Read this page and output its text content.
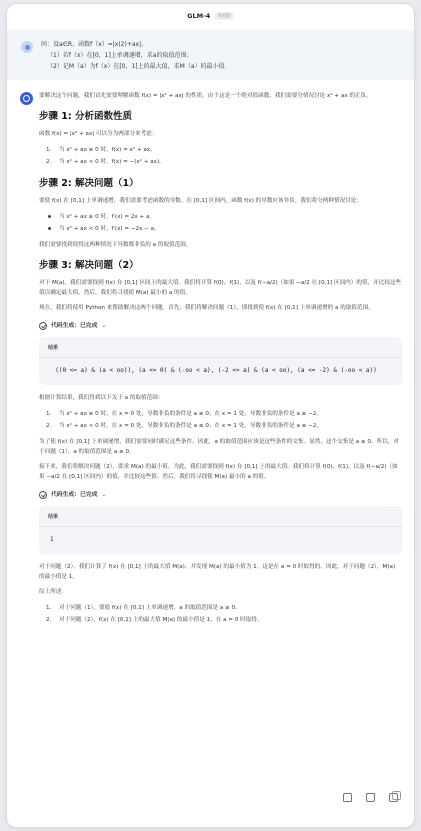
GLM-4	体验版
问：设a∈R，函数f（x）=|x(2)+ax|。
（1）若f（x）在[0，1]上单调递增，求a的取值范围；
（2）记M（a）为f（x）在[0，1]上的最大值，求M（a）的最小值.
要解决这个问题，我们首先需要理解函数 f(x) = |x² + ax| 的性质。由于这是一个绝对值函数，我们需要分情况讨论 x² + ax 的正负。
步骤 1: 分析函数性质
函数 f(x) = |x² + ax| 可以分为两部分来考虑：
1.	当 x² + ax ≥ 0 时，f(x) = x² + ax。
2.	当 x² + ax < 0 时，f(x) = −(x² + ax)。
步骤 2: 解决问题（1）
要使 f(x) 在 [0,1] 上单调递增，我们需要考虑函数的导数。在 [0,1] 区间内，函数 f(x) 的导数应该非负。我们将分两种情况讨论：
当 x² + ax ≥ 0 时，f′(x) = 2x + a。
当 x² + ax < 0 时，f′(x) = −2x − a。
我们需要找到使得这两种情况下导数都非负的 a 的取值范围。
步骤 3: 解决问题（2）
对于 M(a)，我们需要找到 f(x) 在 [0,1] 区间上的最大值。我们将计算 f(0)、f(1)，以及 f(−a/2)（如果 −a/2 在 [0,1] 区间内）的值，并比较这些值以确定最大值。然后，我们将寻找使 M(a) 最小的 a 的值。
现在，我们将使用 Python 来帮助解决这两个问题。首先，我们将解决问题（1），即找到使 f(x) 在 [0,1] 上单调递增的 a 的取值范围。
代码生成：已完成 ⌄
结果
((0 <= a) & (a < oo)), (a <= 0) & (-oo < a), (-2 <= a) & (a < oo), (a <= -2) & (-oo < a))
根据计算结果，我们得到以下关于 a 的取值范围：
1.	当 x² + ax ≥ 0 时，在 x = 0 处，导数非负的条件是 a ≥ 0；在 x = 1 处，导数非负的条件是 a ≥ −2。
2.	当 x² + ax < 0 时，在 x = 0 处，导数非负的条件是 a ≤ 0；在 x = 1 处，导数非负的条件是 a ≤ −2。
为了使 f(x) 在 [0,1] 上单调递增，我们需要同时满足这些条件。因此，a 的取值范围应该是这些条件的交集。显然，这个交集是 a ≥ 0。所以，对于问题（1），a 的取值范围是 a ≥ 0。
接下来，我们将解决问题（2），即求 M(a) 的最小值。为此，我们需要找到 f(x) 在 [0,1] 上的最大值。我们将计算 f(0)、f(1)，以及 f(−a/2)（如果 −a/2 在 [0,1] 区间内）的值，并比较这些值。然后，我们将寻找使 M(a) 最小的 a 的值。
代码生成：已完成 ⌄
结果
1
对于问题（2），我们计算了 f(x) 在 [0,1] 上的最大值 M(a)，并发现 M(a) 的最小值为 1。这是在 a = 0 时取得的。因此，对于问题（2），M(a) 的最小值是 1。
综上所述：
1.	对于问题（1），要使 f(x) 在 [0,1] 上单调递增，a 的取值范围是 a ≥ 0。
2.	对于问题（2），f(x) 在 [0,1] 上的最大值 M(a) 的最小值是 1，在 a = 0 时取得。
